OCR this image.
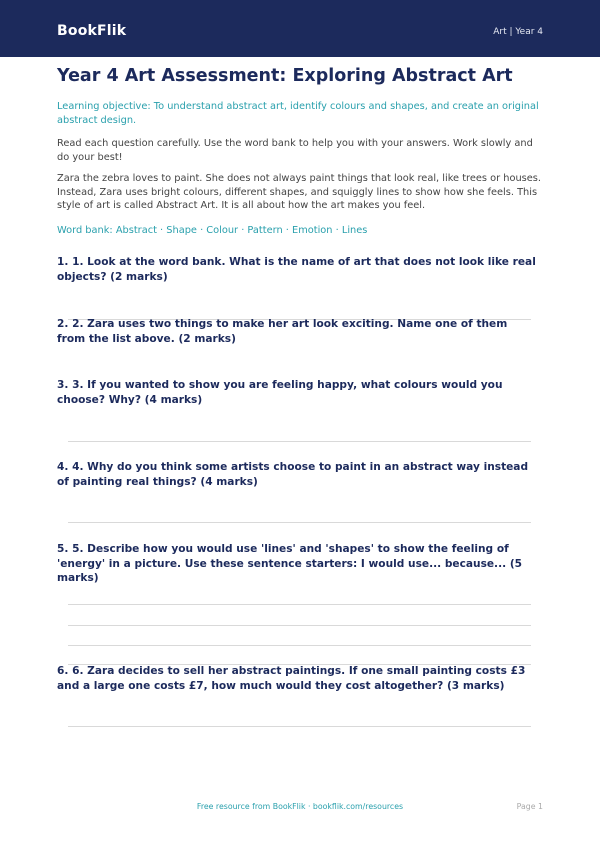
BookFlik	Art | Year 4
Year 4 Art Assessment: Exploring Abstract Art
Learning objective: To understand abstract art, identify colours and shapes, and create an original abstract design.
Read each question carefully. Use the word bank to help you with your answers. Work slowly and do your best!
Zara the zebra loves to paint. She does not always paint things that look real, like trees or houses. Instead, Zara uses bright colours, different shapes, and squiggly lines to show how she feels. This style of art is called Abstract Art. It is all about how the art makes you feel.
Word bank: Abstract · Shape · Colour · Pattern · Emotion · Lines
1. 1. Look at the word bank. What is the name of art that does not look like real objects? (2 marks)
2. 2. Zara uses two things to make her art look exciting. Name one of them from the list above. (2 marks)
3. 3. If you wanted to show you are feeling happy, what colours would you choose? Why? (4 marks)
4. 4. Why do you think some artists choose to paint in an abstract way instead of painting real things? (4 marks)
5. 5. Describe how you would use 'lines' and 'shapes' to show the feeling of 'energy' in a picture. Use these sentence starters: I would use... because... (5 marks)
6. 6. Zara decides to sell her abstract paintings. If one small painting costs £3 and a large one costs £7, how much would they cost altogether? (3 marks)
Free resource from BookFlik · bookflik.com/resources	Page 1
